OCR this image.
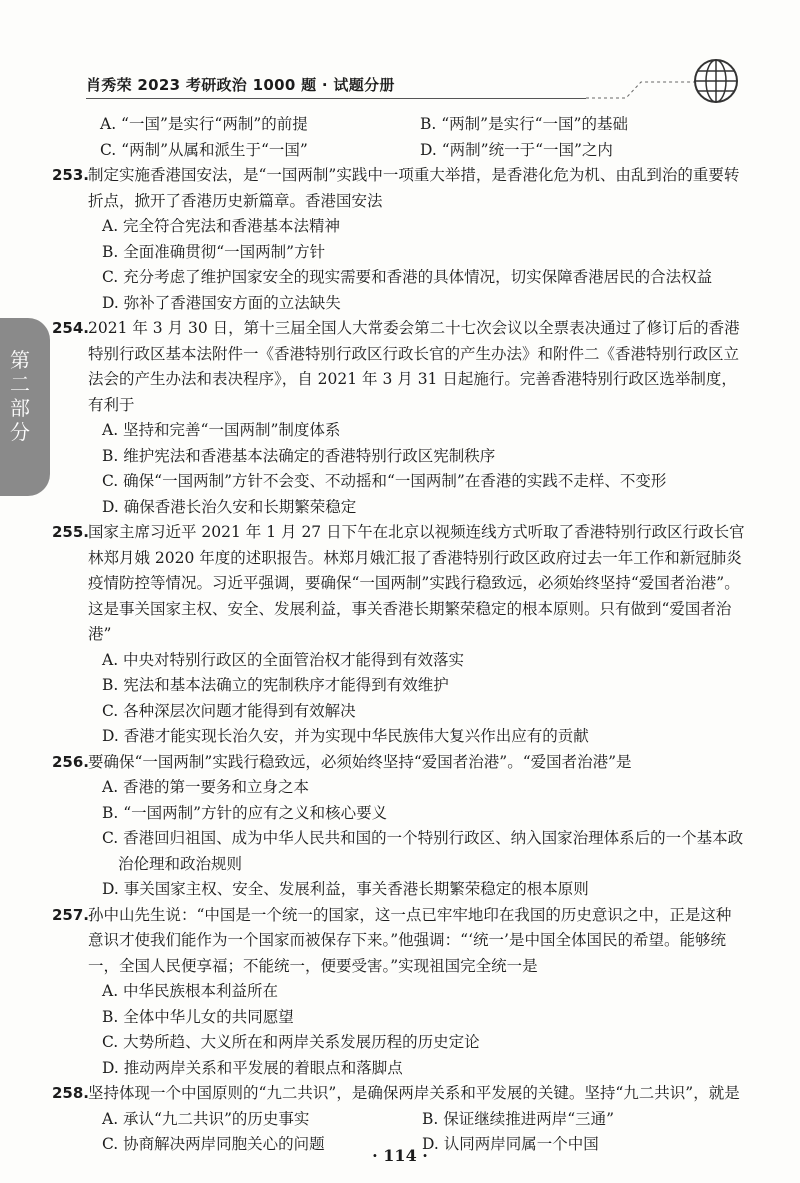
肖秀荣 2023 考研政治 1000 题 · 试题分册
第
二
部
分
A. “一国”是实行“两制”的前提	B. “两制”是实行“一国”的基础
C. “两制”从属和派生于“一国”	D. “两制”统一于“一国”之内
253.制定实施香港国安法，是“一国两制”实践中一项重大举措，是香港化危为机、由乱到治的重要转折点，掀开了香港历史新篇章。香港国安法
A. 完全符合宪法和香港基本法精神
B. 全面准确贯彻“一国两制”方针
C. 充分考虑了维护国家安全的现实需要和香港的具体情况，切实保障香港居民的合法权益
D. 弥补了香港国安方面的立法缺失
254.2021 年 3 月 30 日，第十三届全国人大常委会第二十七次会议以全票表决通过了修订后的香港特别行政区基本法附件一《香港特别行政区行政长官的产生办法》和附件二《香港特别行政区立法会的产生办法和表决程序》，自 2021 年 3 月 31 日起施行。完善香港特别行政区选举制度，有利于
A. 坚持和完善“一国两制”制度体系
B. 维护宪法和香港基本法确定的香港特别行政区宪制秩序
C. 确保“一国两制”方针不会变、不动摇和“一国两制”在香港的实践不走样、不变形
D. 确保香港长治久安和长期繁荣稳定
255.国家主席习近平 2021 年 1 月 27 日下午在北京以视频连线方式听取了香港特别行政区行政长官林郑月娥 2020 年度的述职报告。林郑月娥汇报了香港特别行政区政府过去一年工作和新冠肺炎疫情防控等情况。习近平强调，要确保“一国两制”实践行稳致远，必须始终坚持“爱国者治港”。这是事关国家主权、安全、发展利益，事关香港长期繁荣稳定的根本原则。只有做到“爱国者治港”
A. 中央对特别行政区的全面管治权才能得到有效落实
B. 宪法和基本法确立的宪制秩序才能得到有效维护
C. 各种深层次问题才能得到有效解决
D. 香港才能实现长治久安，并为实现中华民族伟大复兴作出应有的贡献
256.要确保“一国两制”实践行稳致远，必须始终坚持“爱国者治港”。“爱国者治港”是
A. 香港的第一要务和立身之本
B. “一国两制”方针的应有之义和核心要义
C. 香港回归祖国、成为中华人民共和国的一个特别行政区、纳入国家治理体系后的一个基本政治伦理和政治规则
D. 事关国家主权、安全、发展利益，事关香港长期繁荣稳定的根本原则
257.孙中山先生说：“中国是一个统一的国家，这一点已牢牢地印在我国的历史意识之中，正是这种意识才使我们能作为一个国家而被保存下来。”他强调：“‘统一’是中国全体国民的希望。能够统一，全国人民便享福；不能统一，便要受害。”实现祖国完全统一是
A. 中华民族根本利益所在
B. 全体中华儿女的共同愿望
C. 大势所趋、大义所在和两岸关系发展历程的历史定论
D. 推动两岸关系和平发展的着眼点和落脚点
258.坚持体现一个中国原则的“九二共识”，是确保两岸关系和平发展的关键。坚持“九二共识”，就是
A. 承认“九二共识”的历史事实	B. 保证继续推进两岸“三通”
C. 协商解决两岸同胞关心的问题	D. 认同两岸同属一个中国
· 114 ·
